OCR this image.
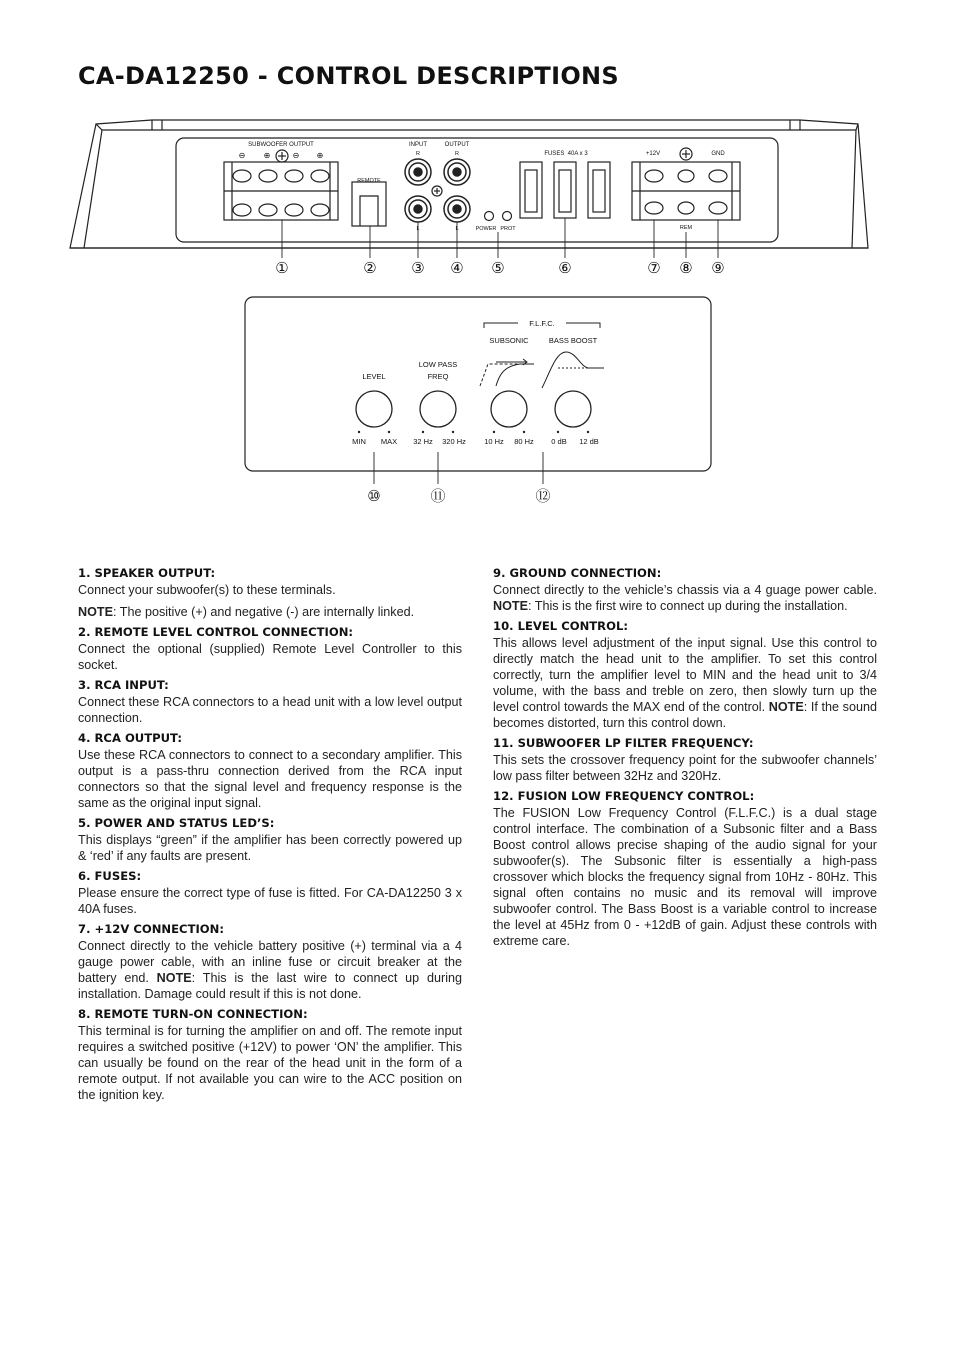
CA-DA12250 - CONTROL DESCRIPTIONS
SUBWOOFER OUTPUT
⊖ ⊕	⊖ ⊕
REMOTE
INPUT	OUTPUT
R	R
L	L	POWER PROT
FUSES  40A x 3	+12V	GND
REM
①	② ③ ④ ⑤	⑥	⑦ ⑧ ⑨
F.L.F.C.
SUBSONIC	BASS BOOST
LEVEL
LOW PASS
FREQ
MIN MAX 32 Hz 320 Hz 10 Hz 80 Hz 0 dB 12 dB
⑩	⑪	⑫
1. SPEAKER OUTPUT:

Connect your subwoofer(s) to these terminals.

NOTE: The positive (+) and negative (-) are internally linked.

2. REMOTE LEVEL CONTROL CONNECTION:

Connect the optional (supplied) Remote Level Controller to this socket.

3. RCA INPUT:

Connect these RCA connectors to a head unit with a low level output connection.

4. RCA OUTPUT:

Use these RCA connectors to connect to a secondary amplifier. This output is a pass-thru connection derived from the RCA input connectors so that the signal level and frequency response is the same as the original input signal.

5. POWER AND STATUS LED’S:

This displays “green” if the amplifier has been correctly powered up & ‘red’ if any faults are present.

6. FUSES:

Please ensure the correct type of fuse is fitted. For CA-DA12250 3 x 40A fuses.

7. +12V CONNECTION:

Connect directly to the vehicle battery positive (+) terminal via a 4 gauge power cable, with an inline fuse or circuit breaker at the battery end. NOTE: This is the last wire to connect up during installation. Damage could result if this is not done.

8. REMOTE TURN-ON CONNECTION:

This terminal is for turning the amplifier on and off. The remote input requires a switched positive (+12V) to power ‘ON’ the amplifier. This can usually be found on the rear of the head unit in the form of a remote output. If not available you can wire to the ACC position on the ignition key.

9. GROUND CONNECTION:

Connect directly to the vehicle’s chassis via a 4 guage power cable. NOTE: This is the first wire to connect up during the installation.

10. LEVEL CONTROL:

This allows level adjustment of the input signal. Use this control to directly match the head unit to the amplifier. To set this control correctly, turn the amplifier level to MIN and the head unit to 3/4 volume, with the bass and treble on zero, then slowly turn up the level control towards the MAX end of the control. NOTE: If the sound becomes distorted, turn this control down.

11. SUBWOOFER LP FILTER FREQUENCY:

This sets the crossover frequency point for the subwoofer channels’ low pass filter between 32Hz and 320Hz.

12. FUSION LOW FREQUENCY CONTROL:

The FUSION Low Frequency Control (F.L.F.C.) is a dual stage control interface. The combination of a Subsonic filter and a Bass Boost control allows precise shaping of the audio signal for your subwoofer(s). The Subsonic filter is essentially a high-pass crossover which blocks the frequency signal from 10Hz - 80Hz. This signal often contains no music and its removal will improve subwoofer control. The Bass Boost is a variable control to increase the level at 45Hz from 0 - +12dB of gain. Adjust these controls with extreme care.
